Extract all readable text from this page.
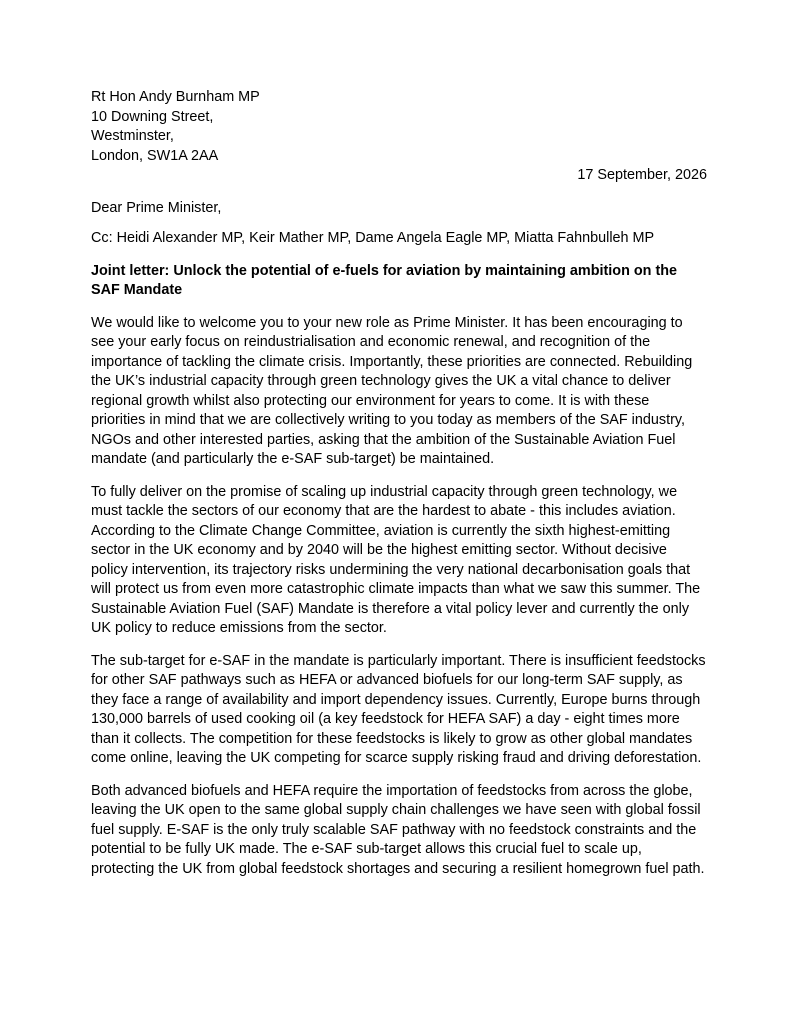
Rt Hon Andy Burnham MP
10 Downing Street,
Westminster,
London, SW1A 2AA
17 September, 2026
Dear Prime Minister,
Cc: Heidi Alexander MP, Keir Mather MP, Dame Angela Eagle MP, Miatta Fahnbulleh MP
Joint letter: Unlock the potential of e-fuels for aviation by maintaining ambition on the SAF Mandate
We would like to welcome you to your new role as Prime Minister. It has been encouraging to see your early focus on reindustrialisation and economic renewal, and recognition of the importance of tackling the climate crisis. Importantly, these priorities are connected. Rebuilding the UK’s industrial capacity through green technology gives the UK a vital chance to deliver regional growth whilst also protecting our environment for years to come. It is with these priorities in mind that we are collectively writing to you today as members of the SAF industry, NGOs and other interested parties, asking that the ambition of the Sustainable Aviation Fuel mandate (and particularly the e-SAF sub-target) be maintained.
To fully deliver on the promise of scaling up industrial capacity through green technology, we must tackle the sectors of our economy that are the hardest to abate - this includes aviation. According to the Climate Change Committee, aviation is currently the sixth highest-emitting sector in the UK economy and by 2040 will be the highest emitting sector. Without decisive policy intervention, its trajectory risks undermining the very national decarbonisation goals that will protect us from even more catastrophic climate impacts than what we saw this summer. The Sustainable Aviation Fuel (SAF) Mandate is therefore a vital policy lever and currently the only UK policy to reduce emissions from the sector.
The sub-target for e-SAF in the mandate is particularly important. There is insufficient feedstocks for other SAF pathways such as HEFA or advanced biofuels for our long-term SAF supply, as they face a range of availability and import dependency issues. Currently, Europe burns through 130,000 barrels of used cooking oil (a key feedstock for HEFA SAF) a day - eight times more than it collects. The competition for these feedstocks is likely to grow as other global mandates come online, leaving the UK competing for scarce supply risking fraud and driving deforestation.
Both advanced biofuels and HEFA require the importation of feedstocks from across the globe, leaving the UK open to the same global supply chain challenges we have seen with global fossil fuel supply. E-SAF is the only truly scalable SAF pathway with no feedstock constraints and the potential to be fully UK made. The e-SAF sub-target allows this crucial fuel to scale up, protecting the UK from global feedstock shortages and securing a resilient homegrown fuel path.
